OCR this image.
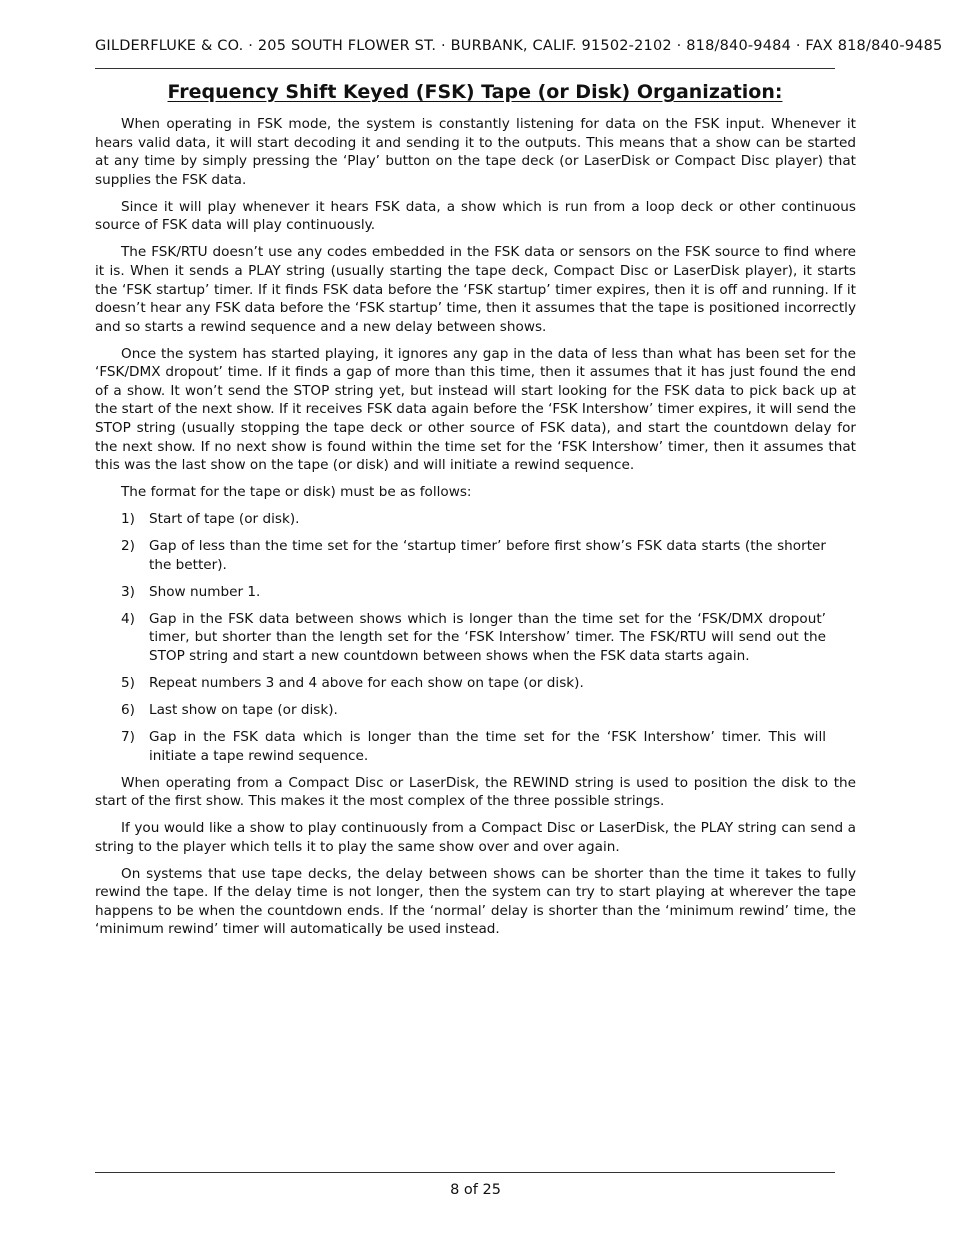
GILDERFLUKE & CO. · 205 SOUTH FLOWER ST. · BURBANK, CALIF. 91502-2102 · 818/840-9484 · FAX 818/840-9485
Frequency Shift Keyed (FSK) Tape (or Disk) Organization:

When operating in FSK mode, the system is constantly listening for data on the FSK input. Whenever it hears valid data, it will start decoding it and sending it to the outputs. This means that a show can be started at any time by simply pressing the ‘Play’ button on the tape deck (or LaserDisk or Compact Disc player) that supplies the FSK data.

Since it will play whenever it hears FSK data, a show which is run from a loop deck or other continuous source of FSK data will play continuously.

The FSK/RTU doesn’t use any codes embedded in the FSK data or sensors on the FSK source to find where it is. When it sends a PLAY string (usually starting the tape deck, Compact Disc or LaserDisk player), it starts the ‘FSK startup’ timer. If it finds FSK data before the ‘FSK startup’ timer expires, then it is off and running. If it doesn’t hear any FSK data before the ‘FSK startup’ time, then it assumes that the tape is positioned incorrectly and so starts a rewind sequence and a new delay between shows.

Once the system has started playing, it ignores any gap in the data of less than what has been set for the ‘FSK/DMX dropout’ time. If it finds a gap of more than this time, then it assumes that it has just found the end of a show. It won’t send the STOP string yet, but instead will start looking for the FSK data to pick back up at the start of the next show. If it receives FSK data again before the ‘FSK Intershow’ timer expires, it will send the STOP string (usually stopping the tape deck or other source of FSK data), and start the countdown delay for the next show. If no next show is found within the time set for the ‘FSK Intershow’ timer, then it assumes that this was the last show on the tape (or disk) and will initiate a rewind sequence.

The format for the tape or disk) must be as follows:

1) Start of tape (or disk).
2) Gap of less than the time set for the ‘startup timer’ before first show’s FSK data starts (the shorter the better).
3) Show number 1.
4) Gap in the FSK data between shows which is longer than the time set for the ‘FSK/DMX dropout’ timer, but shorter than the length set for the ‘FSK Intershow’ timer. The FSK/RTU will send out the STOP string and start a new countdown between shows when the FSK data starts again.
5) Repeat numbers 3 and 4 above for each show on tape (or disk).
6) Last show on tape (or disk).
7) Gap in the FSK data which is longer than the time set for the ‘FSK Intershow’ timer. This will initiate a tape rewind sequence.

When operating from a Compact Disc or LaserDisk, the REWIND string is used to position the disk to the start of the first show. This makes it the most complex of the three possible strings.

If you would like a show to play continuously from a Compact Disc or LaserDisk, the PLAY string can send a string to the player which tells it to play the same show over and over again.

On systems that use tape decks, the delay between shows can be shorter than the time it takes to fully rewind the tape. If the delay time is not longer, then the system can try to start playing at wherever the tape happens to be when the countdown ends. If the ‘normal’ delay is shorter than the ‘minimum rewind’ time, the ‘minimum rewind’ timer will automatically be used instead.

8 of 25
